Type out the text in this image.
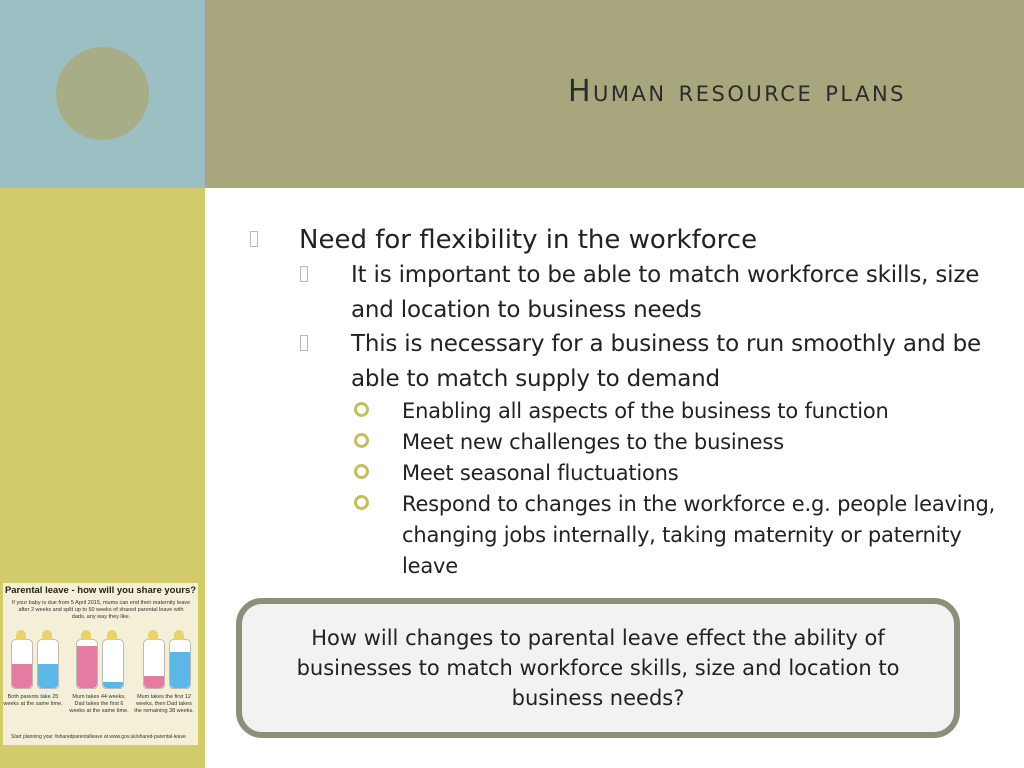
Human resource plans
Need for flexibility in the workforce
It is important to be able to match workforce skills, size and location to business needs
This is necessary for a business to run smoothly and be able to match supply to demand
Enabling all aspects of the business to function
Meet new challenges to the business
Meet seasonal fluctuations
Respond to changes in the workforce e.g. people leaving, changing jobs internally, taking maternity or paternity leave
How will changes to parental leave effect the ability of businesses to match workforce skills, size and location to business needs?
Parental leave - how will you share yours?
If your baby is due from 5 April 2015, mums can end their maternity leave after 2 weeks and split up to 50 weeks of shared parental leave with dads, any way they like.
Both parents take 25 weeks at the same time.
Mum takes 44 weeks, Dad takes the first 6 weeks at the same time.
Mum takes the first 12 weeks, then Dad takes the remaining 38 weeks.
Start planning your #sharedparentalleave at www.gov.uk/shared-parental-leave
